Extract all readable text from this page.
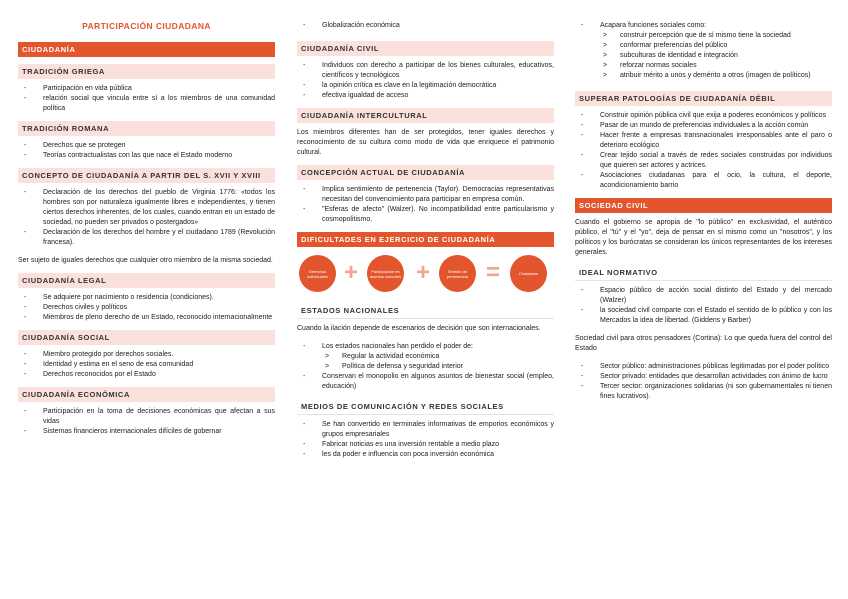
PARTICIPACIÓN CIUDADANA
CIUDADANÍA
TRADICIÓN GRIEGA
- Participación en vida pública
- relación social que vincula entre sí a los miembros de una comunidad política
TRADICIÓN ROMANA
- Derechos que se protegen
- Teorías contractualistas con las que nace el Estado moderno
CONCEPTO DE CIUDADANÍA A PARTIR DEL S. XVII Y XVIII
- Declaración de los derechos del pueblo de Virginia 1776: «todos los hombres son por naturaleza igualmente libres e independientes, y tienen ciertos derechos inherentes, de los cuales, cuando entran en un estado de sociedad, no pueden ser privados o postergados»
- Declaración de los derechos del hombre y el ciudadano 1789 (Revolución francesa).

Ser sujeto de iguales derechos que cualquier otro miembro de la misma sociedad.

CIUDADANÍA LEGAL
- Se adquiere por nacimiento o residencia (condiciones).
- Derechos civiles y políticos
- Miembros de pleno derecho de un Estado, reconocido internacionalmente
CIUDADANÍA SOCIAL
- Miembro protegido por derechos sociales.
- Identidad y estima en el seno de esa comunidad
- Derechos reconocidos por el Estado
CIUDADANÍA ECONÓMICA
- Participación en la toma de decisiones económicas que afectan a sus vidas
- Sistemas financieros internacionales difíciles de gobernar
- Globalización económica
CIUDADANÍA CIVIL
- Individuos con derecho a participar de los bienes culturales, educativos, científicos y tecnológicos
- la opinión crítica es clave en la legitimación democrática
- efectiva igualdad de acceso
CIUDADANÍA INTERCULTURAL

Los miembros diferentes han de ser protegidos, tener iguales derechos y reconocimiento de su cultura como modo de vida que enriquece el patrimonio cultural.

CONCEPCIÓN ACTUAL DE CIUDADANÍA
- Implica sentimiento de pertenencia (Taylor). Democracias representativas necesitan del convencimiento para participar en empresa común.
- "Esferas de afecto" (Walzer). No incompatibilidad entre particularismo y cosmopolitismo.
DIFICULTADES EN EJERCICIO DE CIUDADANÍA
Derechos individuales +	Participación en asuntos comunes +	Sentido de pertenencia =	Ciudadano
ESTADOS NACIONALES

Cuando la ilación depende de escenarios de decisión que son internacionales.

- Los estados nacionales han perdido el poder de:
> Regular la actividad económica
> Política de defensa y seguridad interior
- Conservan el monopolio en algunos asuntos de bienestar social (empleo, educación)
MEDIOS DE COMUNICACIÓN Y REDES SOCIALES
- Se han convertido en terminales informativas de emporios económicos y grupos empresariales
- Fabricar noticias es una inversión rentable a medio plazo
- les da poder e influencia con poca inversión económica
- Acapara funciones sociales como:
> construir percepción que de sí mismo tiene la sociedad
> conformar preferencias del público
> subculturas de identidad e integración
> reforzar normas sociales
> atribuir mérito a unos y demérito a otros (imagen de políticos)
SUPERAR PATOLOGÍAS DE CIUDADANÍA DÉBIL
- Construir opinión pública civil que exija a poderes económicos y políticos
- Pasar de un mundo de preferencias individuales a la acción común
- Hacer frente a empresas transnacionales irresponsables ante el paro o deterioro ecológico
- Crear tejido social a través de redes sociales construidas por individuos que quieren ser actores y actrices.
- Asociaciones ciudadanas para el ocio, la cultura, el deporte, acondicionamiento barrio
SOCIEDAD CIVIL

Cuando el gobierno se apropia de "lo público" en exclusividad, el auténtico público, el "tú" y el "yo", deja de pensar en sí mismo como un "nosotros", y los políticos y los burócratas se consideran los únicos representantes de los intereses generales.

IDEAL NORMATIVO
- Espacio público de acción social distinto del Estado y del mercado (Walzer)
- la sociedad civil comparte con el Estado el sentido de lo público y con los Mercados la idea de libertad. (Giddens y Barber)

Sociedad civil para otros pensadores (Cortina): Lo que queda fuera del control del Estado

- Sector público: administraciones públicas legitimadas por el poder político
- Sector privado: entidades que desarrollan actividades con ánimo de lucro
- Tercer sector: organizaciones solidarias (ni son gubernamentales ni tienen fines lucrativos).
